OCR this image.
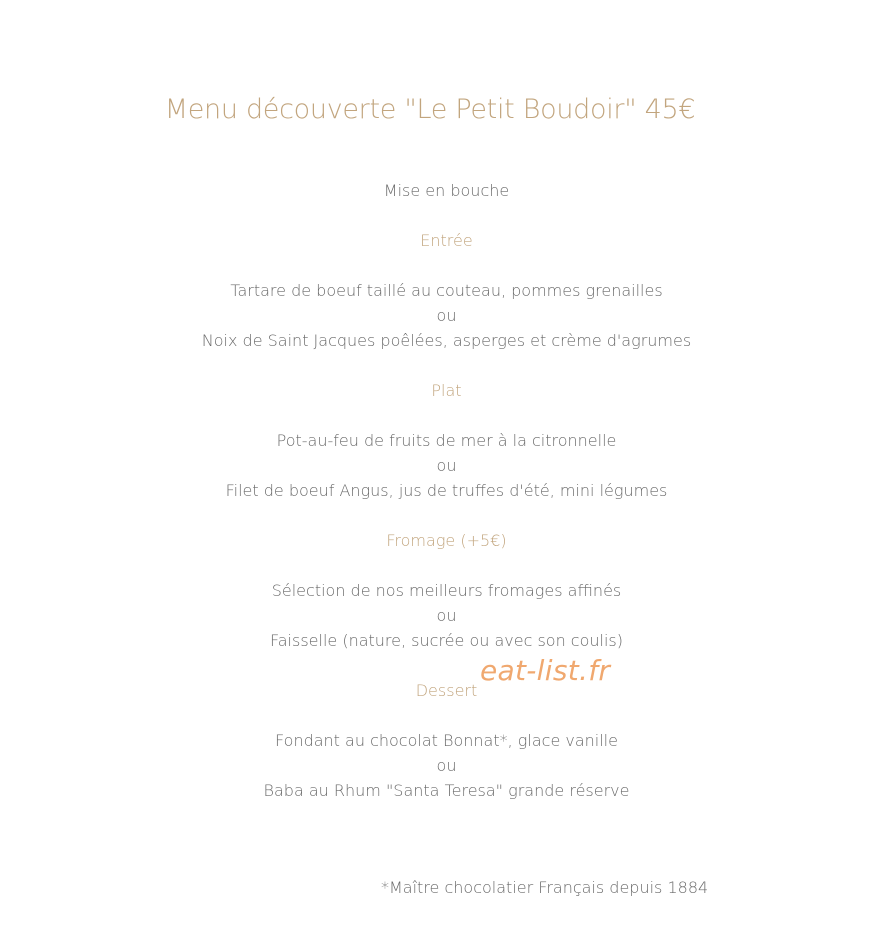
Menu découverte "Le Petit Boudoir" 45€
Mise en bouche
Entrée
Tartare de boeuf taillé au couteau, pommes grenailles
ou
Noix de Saint Jacques poêlées, asperges et crème d'agrumes
Plat
Pot-au-feu de fruits de mer à la citronnelle
ou
Filet de boeuf Angus, jus de truffes d'été, mini légumes
Fromage (+5€)
Sélection de nos meilleurs fromages affinés
ou
Faisselle (nature, sucrée ou avec son coulis)
Dessert
Fondant au chocolat Bonnat*, glace vanille
ou
Baba au Rhum "Santa Teresa" grande réserve
eat-list.fr
*Maître chocolatier Français depuis 1884
